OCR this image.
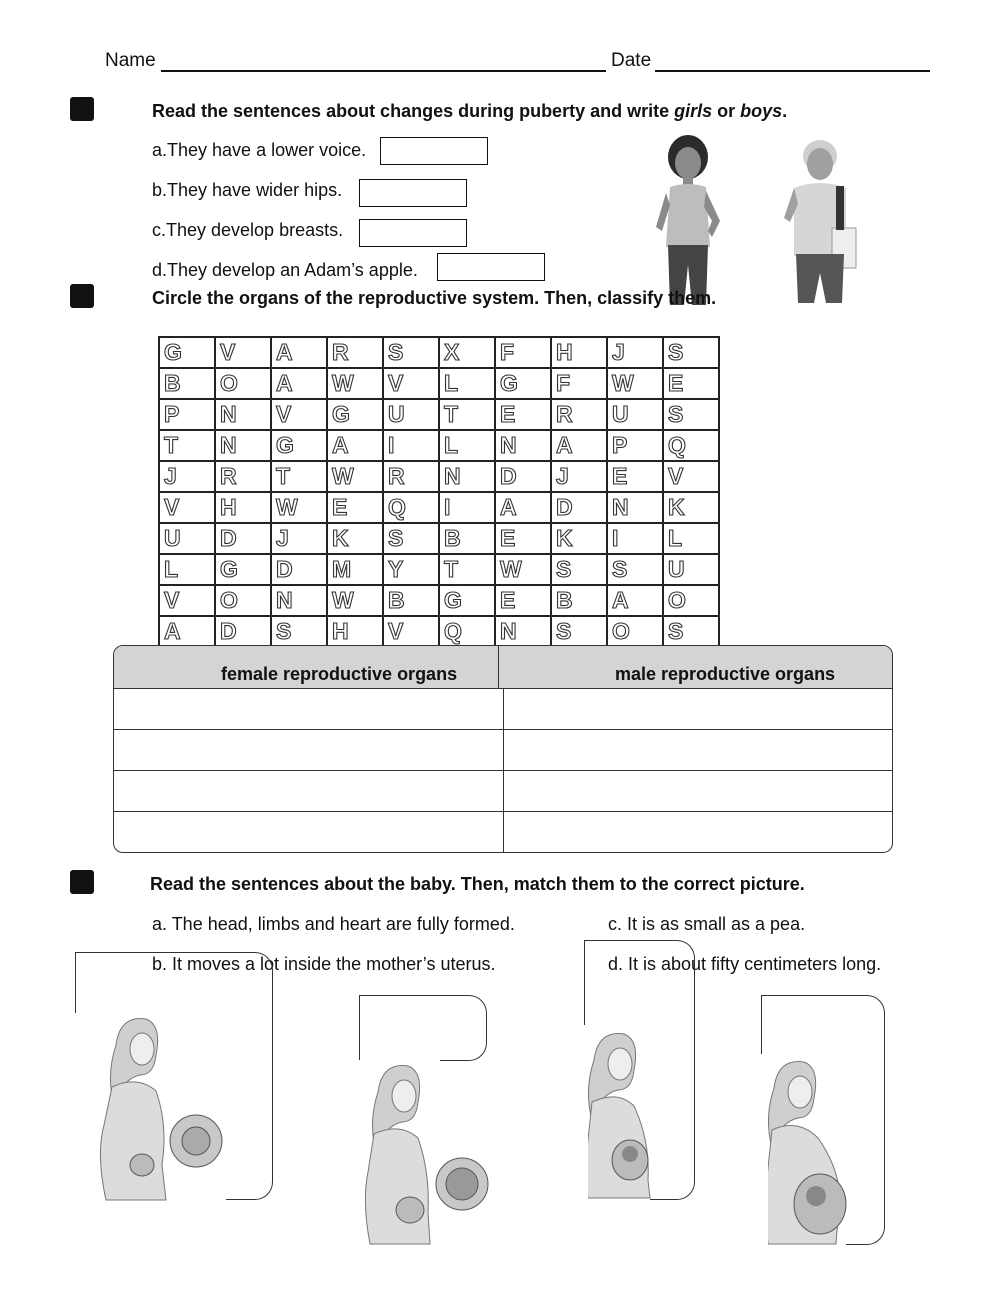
Name	Date
Read the sentences about changes during puberty and write girls or boys.
a.They have a lower voice.
b.They have wider hips.
c.They develop breasts.
d.They develop an Adam’s apple.
Circle the organs of the reproductive system. Then, classify them.
G	V	A	R	S	X	F	H	J	S
B	O	A	W	V	L	G	F	W	E
P	N	V	G	U	T	E	R	U	S
T	N	G	A	I	L	N	A	P	Q
J	R	T	W	R	N	D	J	E	V
V	H	W	E	Q	I	A	D	N	K
U	D	J	K	S	B	E	K	I	L
L	G	D	M	Y	T	W	S	S	U
V	O	N	W	B	G	E	B	A	O
A	D	S	H	V	Q	N	S	O	S
female reproductive organs	male reproductive organs
Read the sentences about the baby. Then, match them to the correct picture.
a. The head, limbs and heart are fully formed.	c. It is as small as a pea.
b. It moves a lot inside the mother’s uterus.	d. It is about fifty centimeters long.
